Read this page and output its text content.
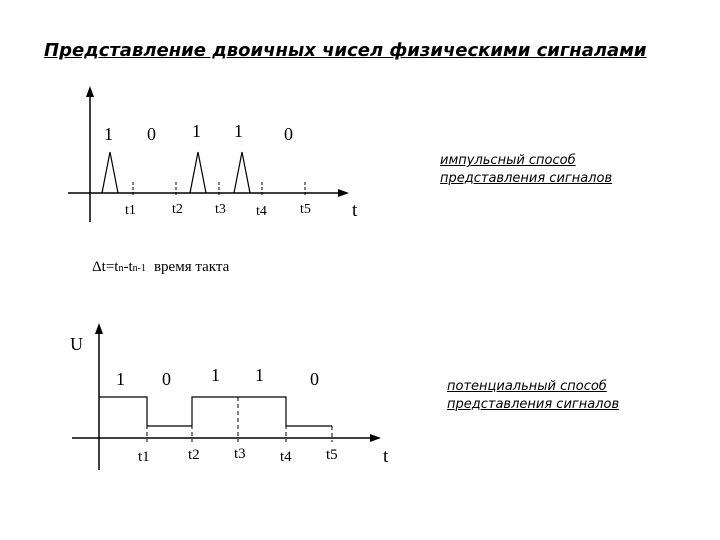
Представление двоичных чисел физическими сигналами
1 0 1 1 0
t1	t2 t3 t4 t5 t
импульсный способ
представления сигналов
Δt=tn-tn-1 время такта
U
1 0 1 1	0
t1	t2 t3 t4 t5 t
потенциальный способ
представления сигналов
